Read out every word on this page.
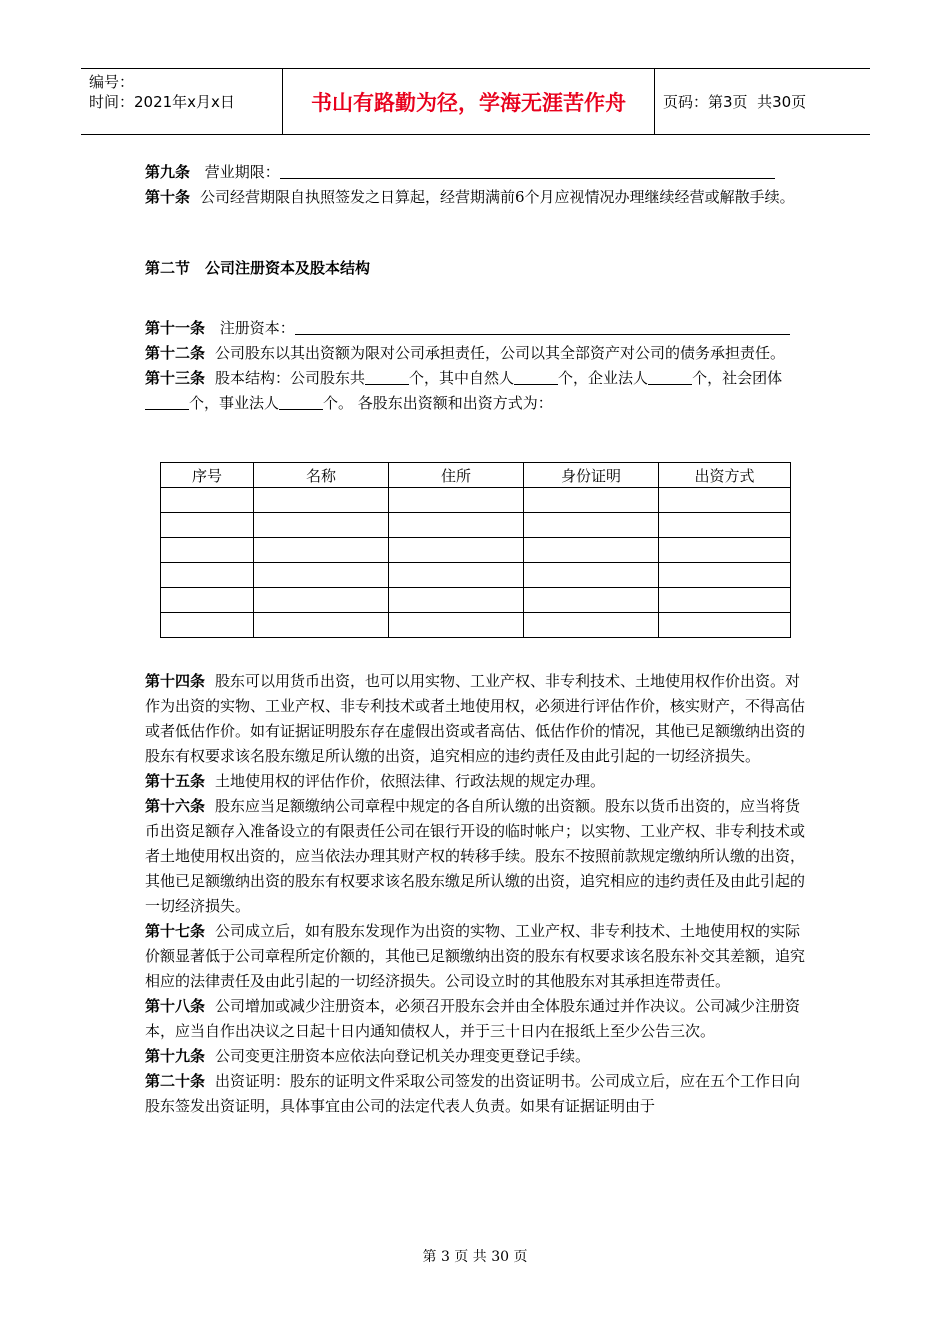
编号：
时间：2021年x月x日	书山有路勤为径，学海无涯苦作舟	页码：第3页  共30页

第九条 营业期限：

第十条 公司经营期限自执照签发之日算起，经营期满前6个月应视情况办理继续经营或解散手续。

第二节　公司注册资本及股本结构

第十一条 注册资本：

第十二条 公司股东以其出资额为限对公司承担责任，公司以其全部资产对公司的债务承担责任。

第十三条 股本结构：公司股东共	个，其中自然人	个，企业法人	个，社会团体个，事业法人	个。 各股东出资额和出资方式为：

序号	名称	住所	身份证明	出资方式

第十四条 股东可以用货币出资，也可以用实物、工业产权、非专利技术、土地使用权作价出资。对作为出资的实物、工业产权、非专利技术或者土地使用权，必须进行评估作价，核实财产，不得高估或者低估作价。如有证据证明股东存在虚假出资或者高估、低估作价的情况，其他已足额缴纳出资的股东有权要求该名股东缴足所认缴的出资，追究相应的违约责任及由此引起的一切经济损失。

第十五条 土地使用权的评估作价，依照法律、行政法规的规定办理。

第十六条 股东应当足额缴纳公司章程中规定的各自所认缴的出资额。股东以货币出资的，应当将货币出资足额存入准备设立的有限责任公司在银行开设的临时帐户；以实物、工业产权、非专利技术或者土地使用权出资的，应当依法办理其财产权的转移手续。股东不按照前款规定缴纳所认缴的出资，其他已足额缴纳出资的股东有权要求该名股东缴足所认缴的出资，追究相应的违约责任及由此引起的一切经济损失。

第十七条 公司成立后，如有股东发现作为出资的实物、工业产权、非专利技术、土地使用权的实际价额显著低于公司章程所定价额的，其他已足额缴纳出资的股东有权要求该名股东补交其差额，追究相应的法律责任及由此引起的一切经济损失。公司设立时的其他股东对其承担连带责任。

第十八条 公司增加或减少注册资本，必须召开股东会并由全体股东通过并作决议。公司减少注册资本，应当自作出决议之日起十日内通知债权人，并于三十日内在报纸上至少公告三次。

第十九条 公司变更注册资本应依法向登记机关办理变更登记手续。

第二十条 出资证明：股东的证明文件采取公司签发的出资证明书。公司成立后，应在五个工作日向股东签发出资证明，具体事宜由公司的法定代表人负责。如果有证据证明由于

第 3 页 共 30 页
